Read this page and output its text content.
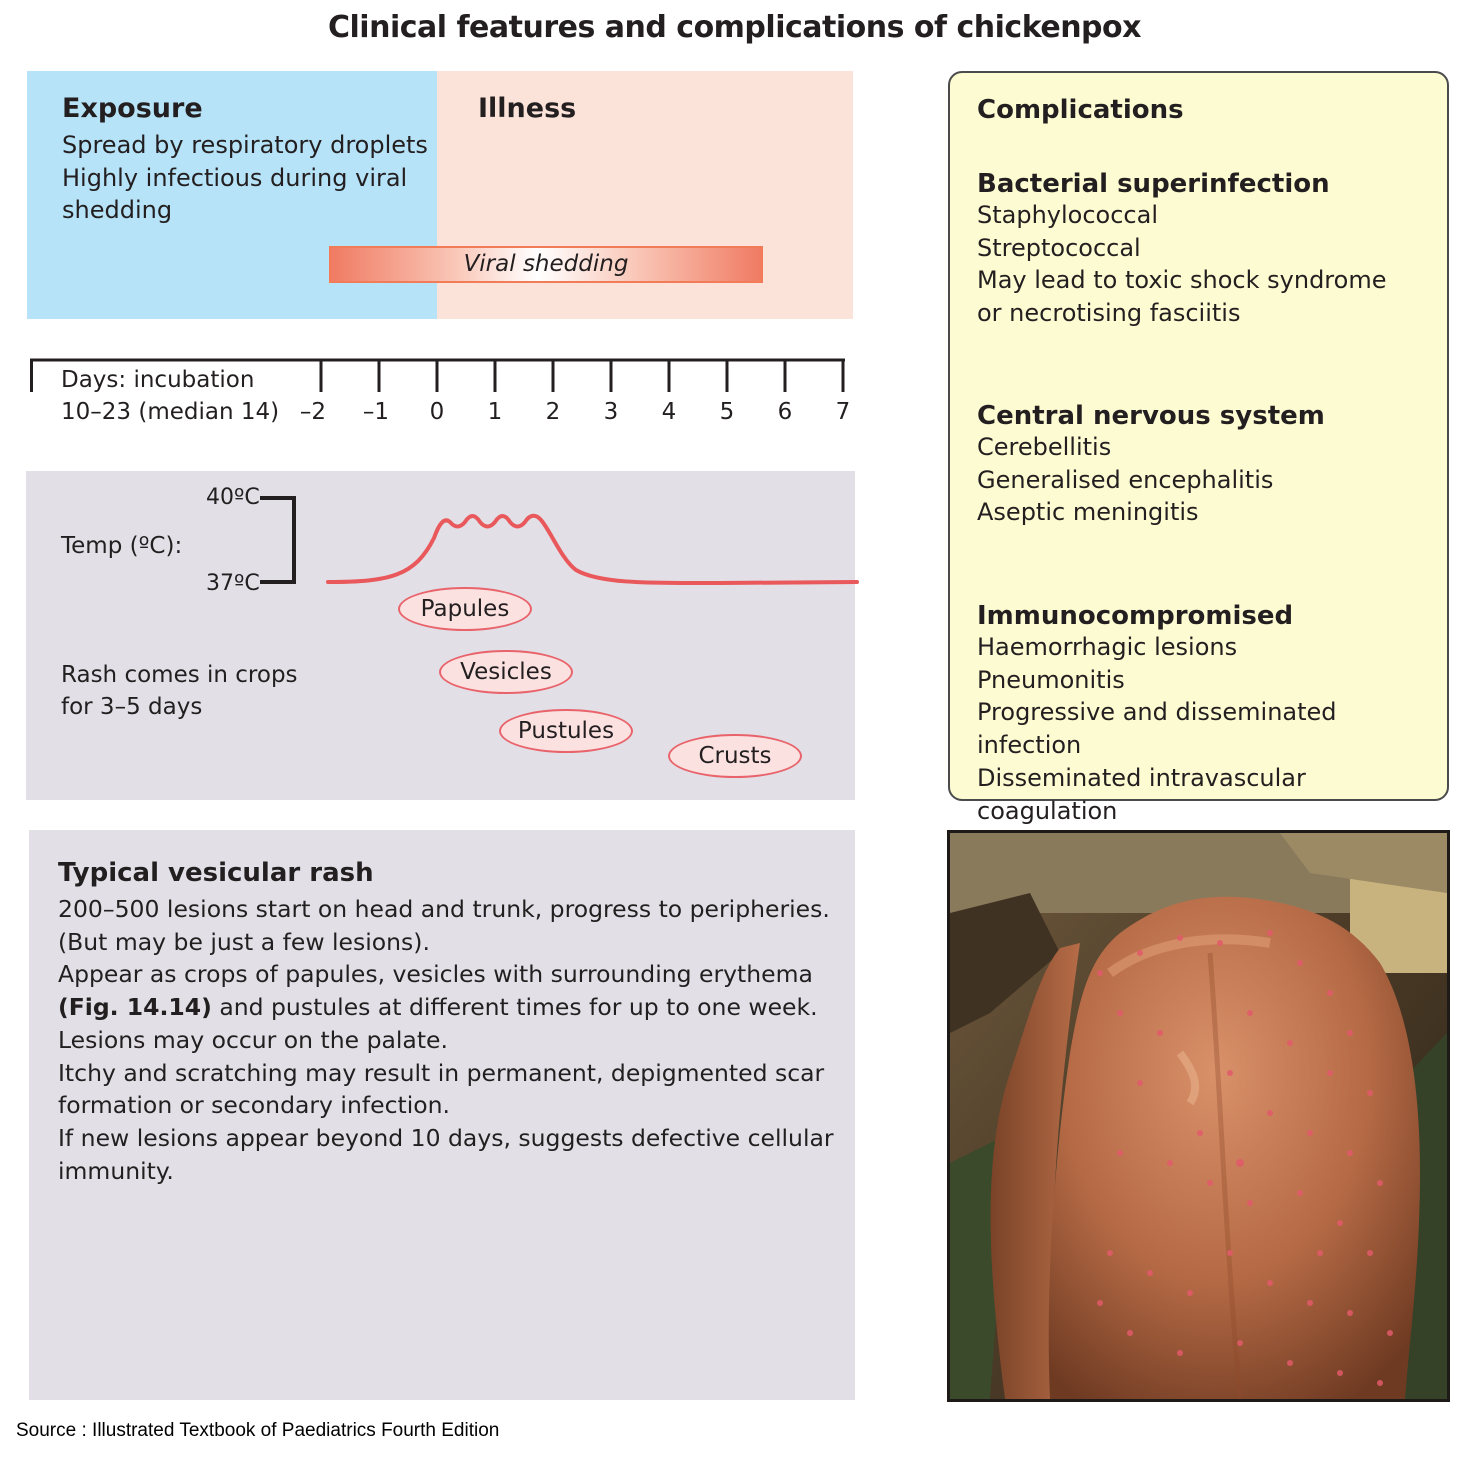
Clinical features and complications of chickenpox
Exposure
Spread by respiratory droplets
Highly infectious during viral
shedding
Illness
Viral shedding
Days: incubation
10–23 (median 14) –2	–1	0	1	2	3	4	5	6	7
40ºC
37ºC
Temp (ºC):
Rash comes in crops
for 3–5 days
Papules
Vesicles
Pustules
Crusts
Typical vesicular rash
200–500 lesions start on head and trunk, progress to peripheries.
(But may be just a few lesions).
Appear as crops of papules, vesicles with surrounding erythema
(Fig. 14.14) and pustules at different times for up to one week.
Lesions may occur on the palate.
Itchy and scratching may result in permanent, depigmented scar
formation or secondary infection.
If new lesions appear beyond 10 days, suggests defective cellular
immunity.
Complications
Bacterial superinfection
Staphylococcal
Streptococcal
May lead to toxic shock syndrome
or necrotising fasciitis
Central nervous system
Cerebellitis
Generalised encephalitis
Aseptic meningitis
Immunocompromised
Haemorrhagic lesions
Pneumonitis
Progressive and disseminated infection
Disseminated intravascular coagulation
Source : Illustrated Textbook of Paediatrics Fourth Edition
